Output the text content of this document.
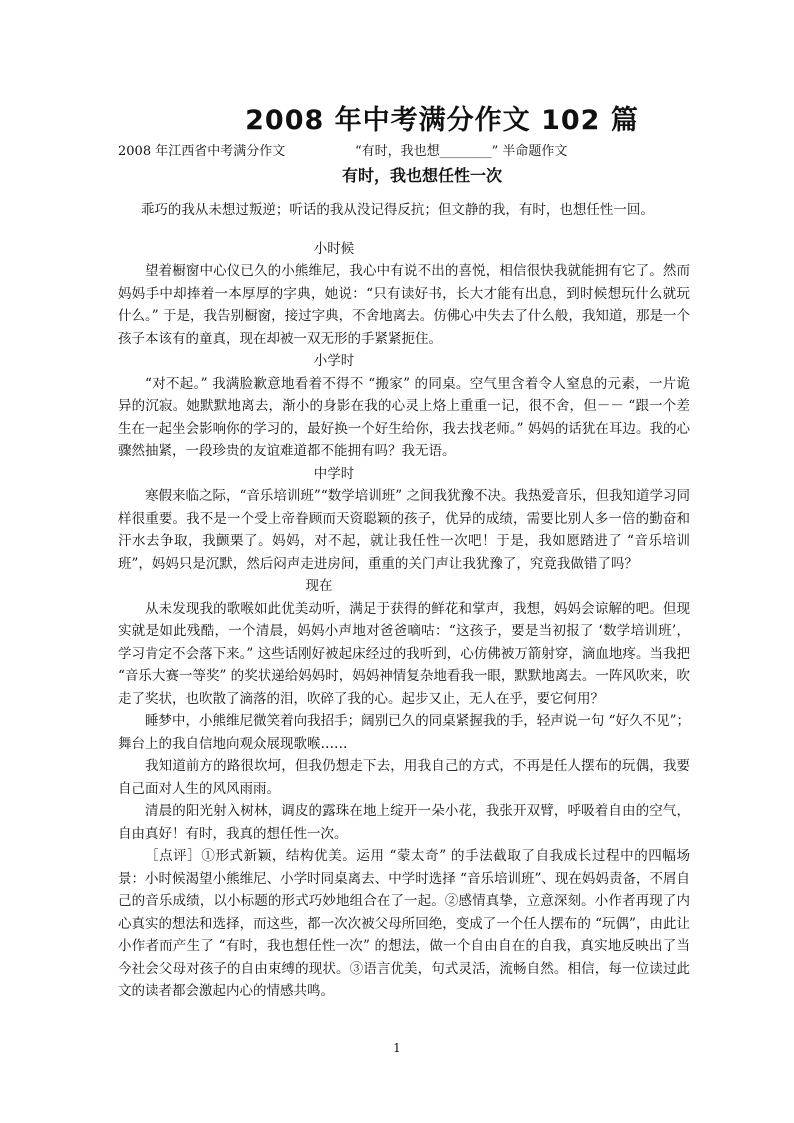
2008 年中考满分作文 102 篇
2008 年江西省中考满分作文	“有时，我也想________” 半命题作文
有时，我也想任性一次

乖巧的我从未想过叛逆；听话的我从没记得反抗；但文静的我，有时，也想任性一回。

小时候

望着橱窗中心仪已久的小熊维尼，我心中有说不出的喜悦，相信很快我就能拥有它了。然而妈妈手中却捧着一本厚厚的字典，她说：“只有读好书，长大才能有出息，到时候想玩什么就玩什么。” 于是，我告别橱窗，接过字典，不舍地离去。仿佛心中失去了什么般，我知道，那是一个孩子本该有的童真，现在却被一双无形的手紧紧扼住。

小学时

“对不起。” 我满脸歉意地看着不得不 “搬家” 的同桌。空气里含着令人窒息的元素，一片诡异的沉寂。她默默地离去，渐小的身影在我的心灵上烙上重重一记，很不舍，但－－ “跟一个差生在一起坐会影响你的学习的，最好换一个好生给你，我去找老师。” 妈妈的话犹在耳边。我的心骤然抽紧，一段珍贵的友谊难道都不能拥有吗？我无语。

中学时

寒假来临之际，“音乐培训班”“数学培训班” 之间我犹豫不决。我热爱音乐，但我知道学习同样很重要。我不是一个受上帝眷顾而天资聪颖的孩子，优异的成绩，需要比别人多一倍的勤奋和汗水去争取，我颤栗了。妈妈，对不起，就让我任性一次吧！于是，我如愿踏进了 “音乐培训班”，妈妈只是沉默，然后闷声走进房间，重重的关门声让我犹豫了，究竟我做错了吗？

现在

从未发现我的歌喉如此优美动听，满足于获得的鲜花和掌声，我想，妈妈会谅解的吧。但现实就是如此残酷，一个清晨，妈妈小声地对爸爸嘀咕：“这孩子，要是当初报了 ‘数学培训班’，学习肯定不会落下来。” 这些话刚好被起床经过的我听到，心仿佛被万箭射穿，滴血地疼。当我把 “音乐大赛一等奖” 的奖状递给妈妈时，妈妈神情复杂地看我一眼，默默地离去。一阵风吹来，吹走了奖状，也吹散了滴落的泪，吹碎了我的心。起步又止，无人在乎，要它何用？

睡梦中，小熊维尼微笑着向我招手；阔别已久的同桌紧握我的手，轻声说一句 “好久不见”；舞台上的我自信地向观众展现歌喉……

我知道前方的路很坎坷，但我仍想走下去，用我自己的方式，不再是任人摆布的玩偶，我要自己面对人生的风风雨雨。

清晨的阳光射入树林，调皮的露珠在地上绽开一朵小花，我张开双臂，呼吸着自由的空气，自由真好！有时，我真的想任性一次。

［点评］①形式新颖，结构优美。运用 “蒙太奇” 的手法截取了自我成长过程中的四幅场景：小时候渴望小熊维尼、小学时同桌离去、中学时选择 “音乐培训班”、现在妈妈责备，不屑自己的音乐成绩，以小标题的形式巧妙地组合在了一起。②感情真挚，立意深刻。小作者再现了内心真实的想法和选择，而这些，都一次次被父母所回绝，变成了一个任人摆布的 “玩偶”，由此让小作者而产生了 “有时，我也想任性一次” 的想法，做一个自由自在的自我，真实地反映出了当今社会父母对孩子的自由束缚的现状。③语言优美，句式灵活，流畅自然。相信，每一位读过此文的读者都会激起内心的情感共鸣。

1
